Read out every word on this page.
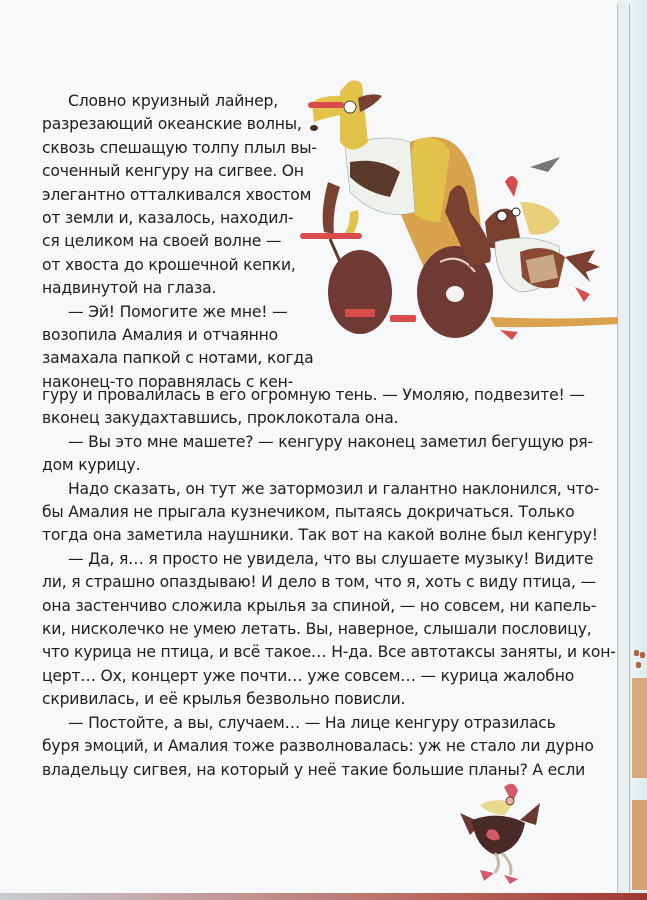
Словно круизный лайнер,
разрезающий океанские волны,
сквозь спешащую толпу плыл вы-
соченный кенгуру на сигвее. Он
элегантно отталкивался хвостом
от земли и, казалось, находил-
ся целиком на своей волне —
от хвоста до крошечной кепки,
надвинутой на глаза.
— Эй! Помогите же мне! —
возопила Амалия и отчаянно
замахала папкой с нотами, когда
наконец-то поравнялась с кен-
гуру и провалилась в его огромную тень. — Умоляю, подвезите! —
вконец закудахтавшись, проклокотала она.
— Вы это мне машете? — кенгуру наконец заметил бегущую ря-
дом курицу.
Надо сказать, он тут же затормозил и галантно наклонился, что-
бы Амалия не прыгала кузнечиком, пытаясь докричаться. Только
тогда она заметила наушники. Так вот на какой волне был кенгуру!
— Да, я… я просто не увидела, что вы слушаете музыку! Видите
ли, я страшно опаздываю! И дело в том, что я, хоть с виду птица, —
она застенчиво сложила крылья за спиной, — но совсем, ни капель-
ки, нисколечко не умею летать. Вы, наверное, слышали пословицу,
что курица не птица, и всё такое… Н-да. Все автотаксы заняты, и кон-
церт… Ох, концерт уже почти… уже совсем… — курица жалобно
скривилась, и её крылья безвольно повисли.
— Постойте, а вы, случаем… — На лице кенгуру отразилась
буря эмоций, и Амалия тоже разволновалась: уж не стало ли дурно
владельцу сигвея, на который у неё такие большие планы? А если
